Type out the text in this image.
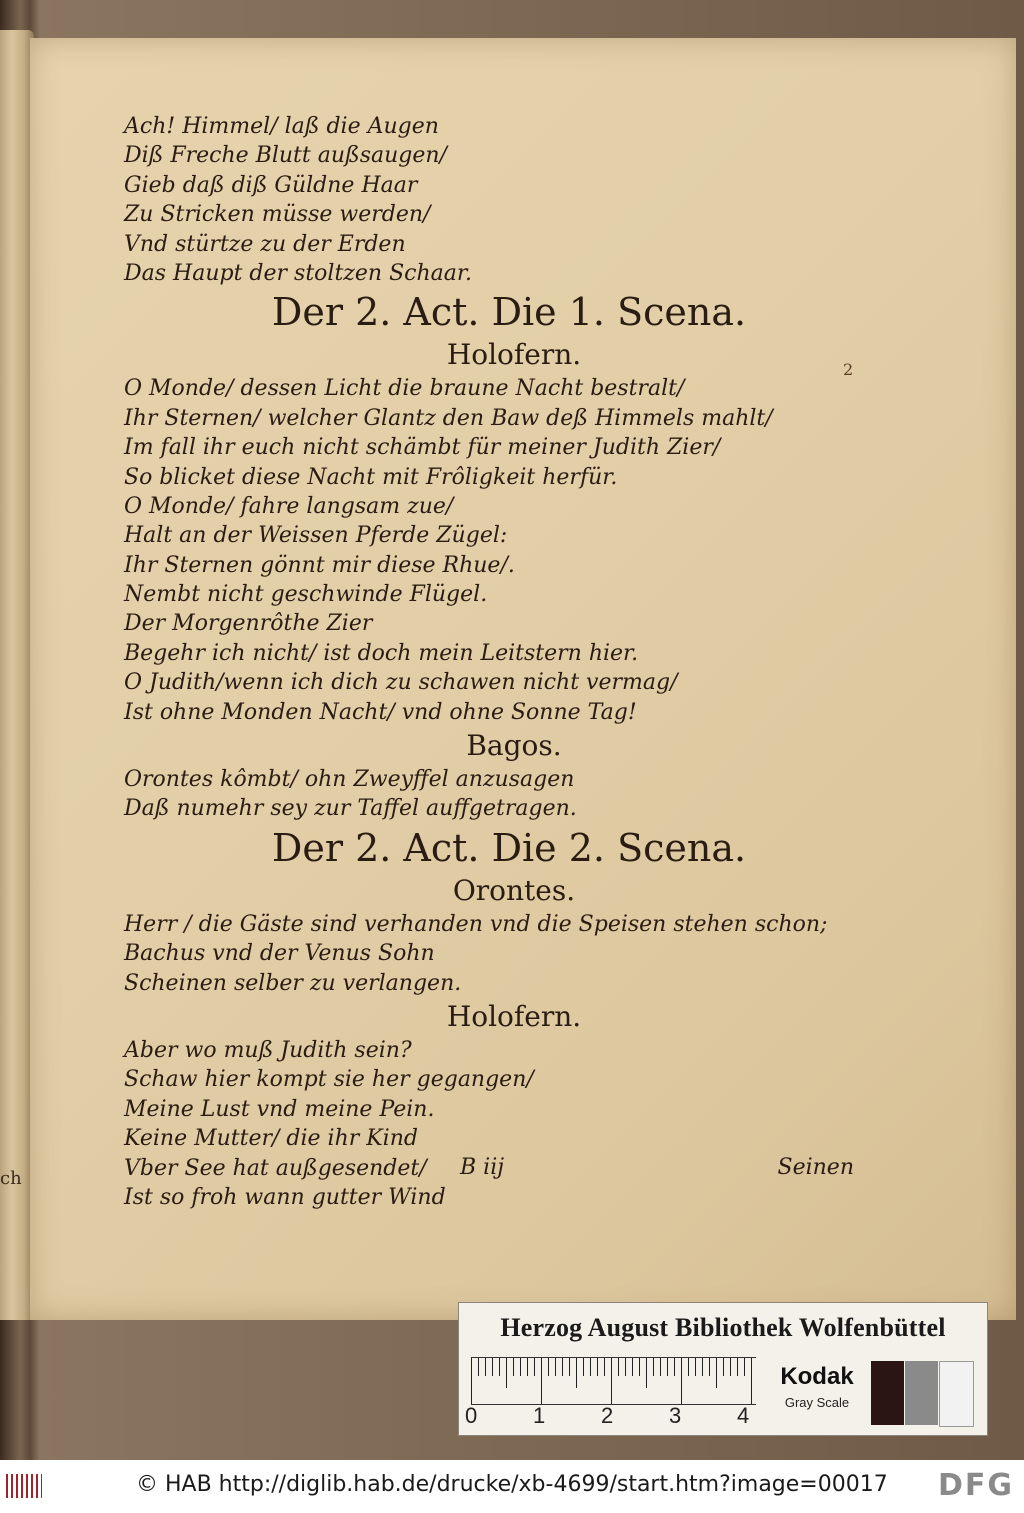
ch
2
Ach! Himmel/ laß die Augen
Diß Freche Blutt außsaugen/
Gieb daß diß Güldne Haar
Zu Stricken müsse werden/
Vnd stürtze zu der Erden
Das Haupt der stoltzen Schaar.
Der 2. Act. Die 1. Scena.
Holofern.
O Monde/ dessen Licht die braune Nacht bestralt/
Ihr Sternen/ welcher Glantz den Baw deß Himmels mahlt/
Im fall ihr euch nicht schämbt für meiner Judith Zier/
So blicket diese Nacht mit Frôligkeit herfür.
O Monde/ fahre langsam zue/
Halt an der Weissen Pferde Zügel:
Ihr Sternen gönnt mir diese Rhue/.
Nembt nicht geschwinde Flügel.
Der Morgenrôthe Zier
Begehr ich nicht/ ist doch mein Leitstern hier.
O Judith/wenn ich dich zu schawen nicht vermag/
Ist ohne Monden Nacht/ vnd ohne Sonne Tag!
Bagos.
Orontes kômbt/ ohn Zweyffel anzusagen
Daß numehr sey zur Taffel auffgetragen.
Der 2. Act. Die 2. Scena.
Orontes.
Herr / die Gäste sind verhanden vnd die Speisen stehen schon;
Bachus vnd der Venus Sohn
Scheinen selber zu verlangen.
Holofern.
Aber wo muß Judith sein?
Schaw hier kompt sie her gegangen/
Meine Lust vnd meine Pein.
Keine Mutter/ die ihr Kind
Vber See hat außgesendet/
Ist so froh wann gutter Wind
B iij	Seinen
Herzog August Bibliothek Wolfenbüttel
0	1	2	3	4
Kodak
Gray Scale
© HAB http://diglib.hab.de/drucke/xb-4699/start.htm?image=00017 DFG
